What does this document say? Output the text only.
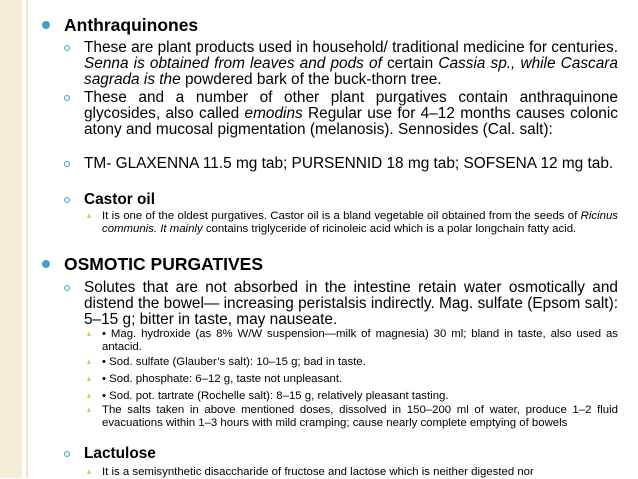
Anthraquinones
These are plant products used in household/ traditional medicine for centuries. Senna is obtained from leaves and pods of certain Cassia sp., while Cascara sagrada is the powdered bark of the buck-thorn tree.
These and a number of other plant purgatives contain anthraquinone glycosides, also called emodins Regular use for 4–12 months causes colonic atony and mucosal pigmentation (melanosis). Sennosides (Cal. salt):
TM- GLAXENNA 11.5 mg tab; PURSENNID 18 mg tab; SOFSENA 12 mg tab.
Castor oil
It is one of the oldest purgatives. Castor oil is a bland vegetable oil obtained from the seeds of Ricinus communis. It mainly contains triglyceride of ricinoleic acid which is a polar longchain fatty acid.
OSMOTIC PURGATIVES
Solutes that are not absorbed in the intestine retain water osmotically and distend the bowel— increasing peristalsis indirectly. Mag. sulfate (Epsom salt): 5–15 g; bitter in taste, may nauseate.
• Mag. hydroxide (as 8% W/W suspension—milk of magnesia) 30 ml; bland in taste, also used as antacid.
• Sod. sulfate (Glauber’s salt): 10–15 g; bad in taste.
• Sod. phosphate: 6–12 g, taste not unpleasant.
• Sod. pot. tartrate (Rochelle salt): 8–15 g, relatively pleasant tasting.
The salts taken in above mentioned doses, dissolved in 150–200 ml of water, produce 1–2 fluid evacuations within 1–3 hours with mild cramping; cause nearly complete emptying of bowels
Lactulose
It is a semisynthetic disaccharide of fructose and lactose which is neither digested nor
